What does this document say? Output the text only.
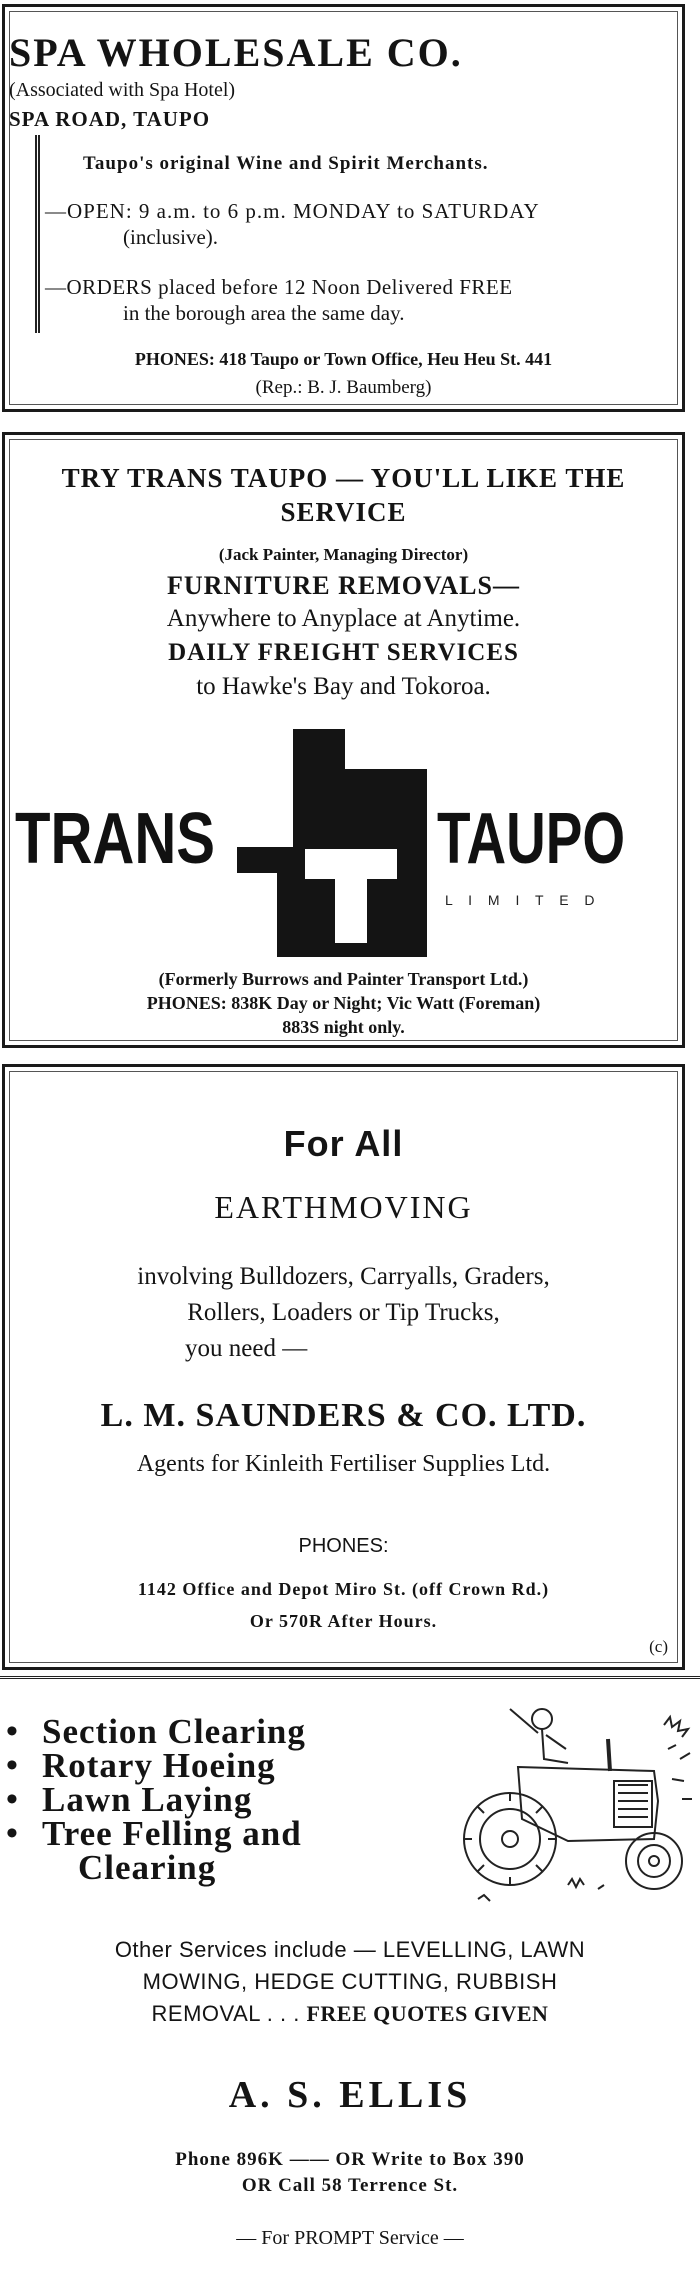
SPA WHOLESALE CO.
(Associated with Spa Hotel)
SPA ROAD, TAUPO
Taupo's original Wine and Spirit Merchants.
—OPEN: 9 a.m. to 6 p.m. MONDAY to SATURDAY
(inclusive).
—ORDERS placed before 12 Noon Delivered FREE
in the borough area the same day.
PHONES: 418 Taupo or Town Office, Heu Heu St. 441
(Rep.: B. J. Baumberg)
TRY TRANS TAUPO — YOU'LL LIKE THE
SERVICE
(Jack Painter, Managing Director)
FURNITURE REMOVALS—
Anywhere to Anyplace at Anytime.
DAILY FREIGHT SERVICES
to Hawke's Bay and Tokoroa.
TRANS	TAUPO
L I M I T E D
(Formerly Burrows and Painter Transport Ltd.)
PHONES: 838K Day or Night; Vic Watt (Foreman)
883S night only.
For All
EARTHMOVING
involving Bulldozers, Carryalls, Graders,
Rollers, Loaders or Tip Trucks,
you need —
L. M. SAUNDERS & CO. LTD.
Agents for Kinleith Fertiliser Supplies Ltd.
PHONES:
1142 Office and Depot Miro St. (off Crown Rd.)
Or 570R After Hours.
(c)
• Section Clearing
• Rotary Hoeing
• Lawn Laying
• Tree Felling and
Clearing
Other Services include — LEVELLING, LAWN
MOWING, HEDGE CUTTING, RUBBISH
REMOVAL . . . FREE QUOTES GIVEN
A. S. ELLIS
Phone 896K —— OR Write to Box 390
OR Call 58 Terrence St.
— For PROMPT Service —
